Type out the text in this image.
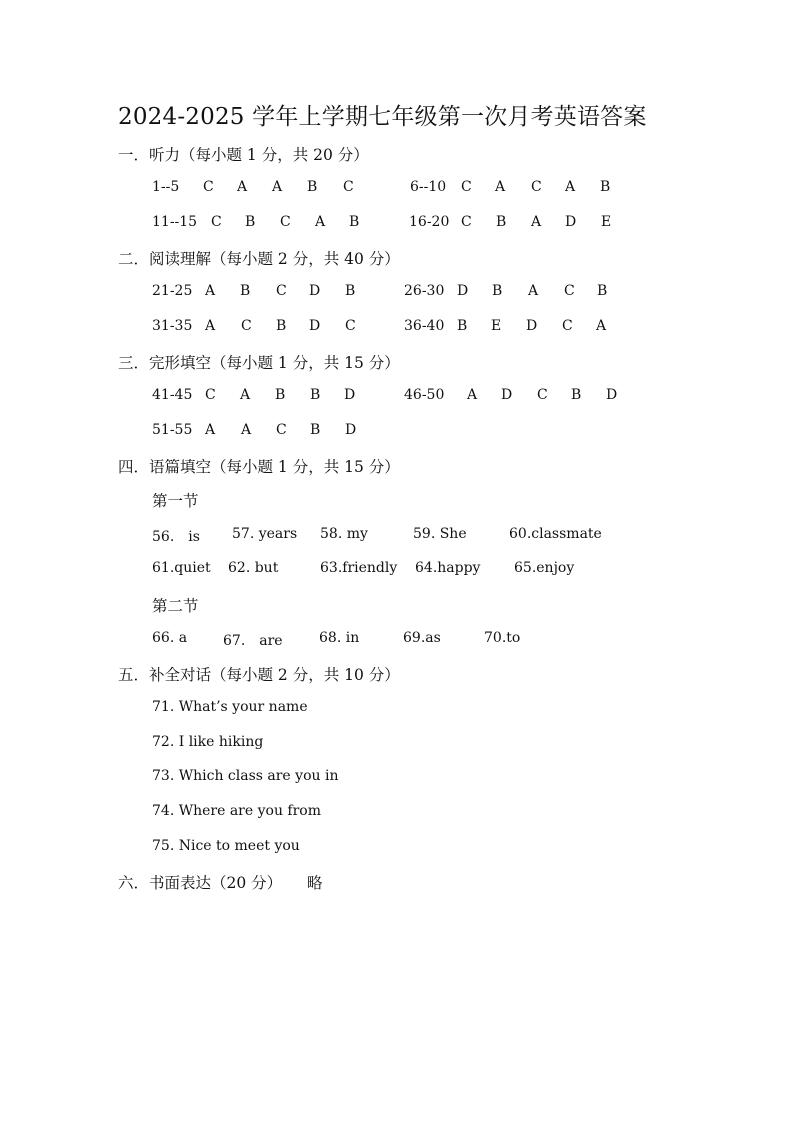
2024-2025 学年上学期七年级第一次月考英语答案
一．听力（每小题 1 分，共 20 分）
1--5 C A A B C	6--10 C A C A B
11--15 C B C A B	16-20 C B A D E
二．阅读理解（每小题 2 分，共 40 分）
21-25 A B C D B	26-30 D B A C B
31-35 A C B D C	36-40 B E D C A
三．完形填空（每小题 1 分，共 15 分）
41-45 C A B B D	46-50 A D C B D
51-55 A A C B D
四．语篇填空（每小题 1 分，共 15 分）
第一节
56.　is 57. years 58. my	59. She	60.classmate
61.quiet 62. but	63.friendly 64.happy 65.enjoy
第二节
66. a	67.　are	68. in	69.as	70.to
五．补全对话（每小题 2 分，共 10 分）
71. What’s your name
72. I like hiking
73. Which class are you in
74. Where are you from
75. Nice to meet you
六．书面表达（20 分） 略
